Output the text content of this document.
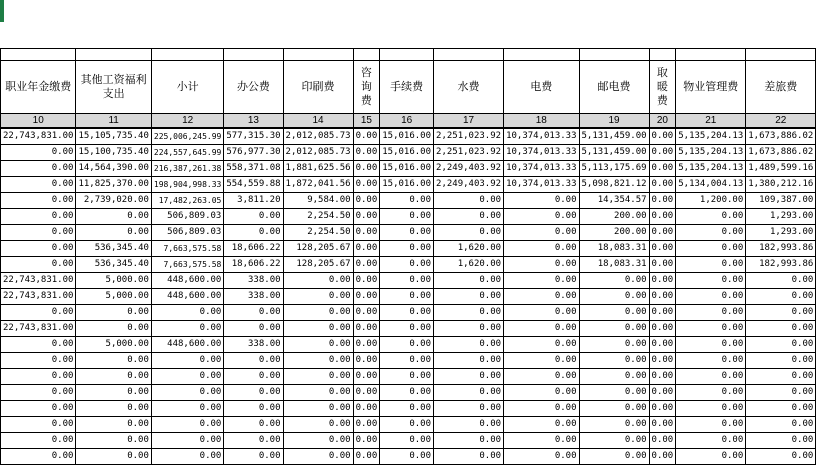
职业年金缴费	其他工资福利支出	小计	办公费	印刷费	咨询费	手续费	水费	电费	邮电费	取暖费	物业管理费	差旅费
10	11	12	13	14	15	16	17	18	19	20	21	22
22,743,831.00	15,105,735.40	225,006,245.99	577,315.30	2,012,085.73	0.00	15,016.00	2,251,023.92	10,374,013.33	5,131,459.00	0.00	5,135,204.13	1,673,886.02
0.00	15,100,735.40	224,557,645.99	576,977.30	2,012,085.73	0.00	15,016.00	2,251,023.92	10,374,013.33	5,131,459.00	0.00	5,135,204.13	1,673,886.02
0.00	14,564,390.00	216,387,261.38	558,371.08	1,881,625.56	0.00	15,016.00	2,249,403.92	10,374,013.33	5,113,175.69	0.00	5,135,204.13	1,489,599.16
0.00	11,825,370.00	198,904,998.33	554,559.88	1,872,041.56	0.00	15,016.00	2,249,403.92	10,374,013.33	5,098,821.12	0.00	5,134,004.13	1,380,212.16
0.00	2,739,020.00	17,482,263.05	3,811.20	9,584.00	0.00	0.00	0.00	0.00	14,354.57	0.00	1,200.00	109,387.00
0.00	0.00	506,809.03	0.00	2,254.50	0.00	0.00	0.00	0.00	200.00	0.00	0.00	1,293.00
0.00	0.00	506,809.03	0.00	2,254.50	0.00	0.00	0.00	0.00	200.00	0.00	0.00	1,293.00
0.00	536,345.40	7,663,575.58	18,606.22	128,205.67	0.00	0.00	1,620.00	0.00	18,083.31	0.00	0.00	182,993.86
0.00	536,345.40	7,663,575.58	18,606.22	128,205.67	0.00	0.00	1,620.00	0.00	18,083.31	0.00	0.00	182,993.86
22,743,831.00	5,000.00	448,600.00	338.00	0.00	0.00	0.00	0.00	0.00	0.00	0.00	0.00	0.00
22,743,831.00	5,000.00	448,600.00	338.00	0.00	0.00	0.00	0.00	0.00	0.00	0.00	0.00	0.00
0.00	0.00	0.00	0.00	0.00	0.00	0.00	0.00	0.00	0.00	0.00	0.00	0.00
22,743,831.00	0.00	0.00	0.00	0.00	0.00	0.00	0.00	0.00	0.00	0.00	0.00	0.00
0.00	5,000.00	448,600.00	338.00	0.00	0.00	0.00	0.00	0.00	0.00	0.00	0.00	0.00
0.00	0.00	0.00	0.00	0.00	0.00	0.00	0.00	0.00	0.00	0.00	0.00	0.00
0.00	0.00	0.00	0.00	0.00	0.00	0.00	0.00	0.00	0.00	0.00	0.00	0.00
0.00	0.00	0.00	0.00	0.00	0.00	0.00	0.00	0.00	0.00	0.00	0.00	0.00
0.00	0.00	0.00	0.00	0.00	0.00	0.00	0.00	0.00	0.00	0.00	0.00	0.00
0.00	0.00	0.00	0.00	0.00	0.00	0.00	0.00	0.00	0.00	0.00	0.00	0.00
0.00	0.00	0.00	0.00	0.00	0.00	0.00	0.00	0.00	0.00	0.00	0.00	0.00
0.00	0.00	0.00	0.00	0.00	0.00	0.00	0.00	0.00	0.00	0.00	0.00	0.00
